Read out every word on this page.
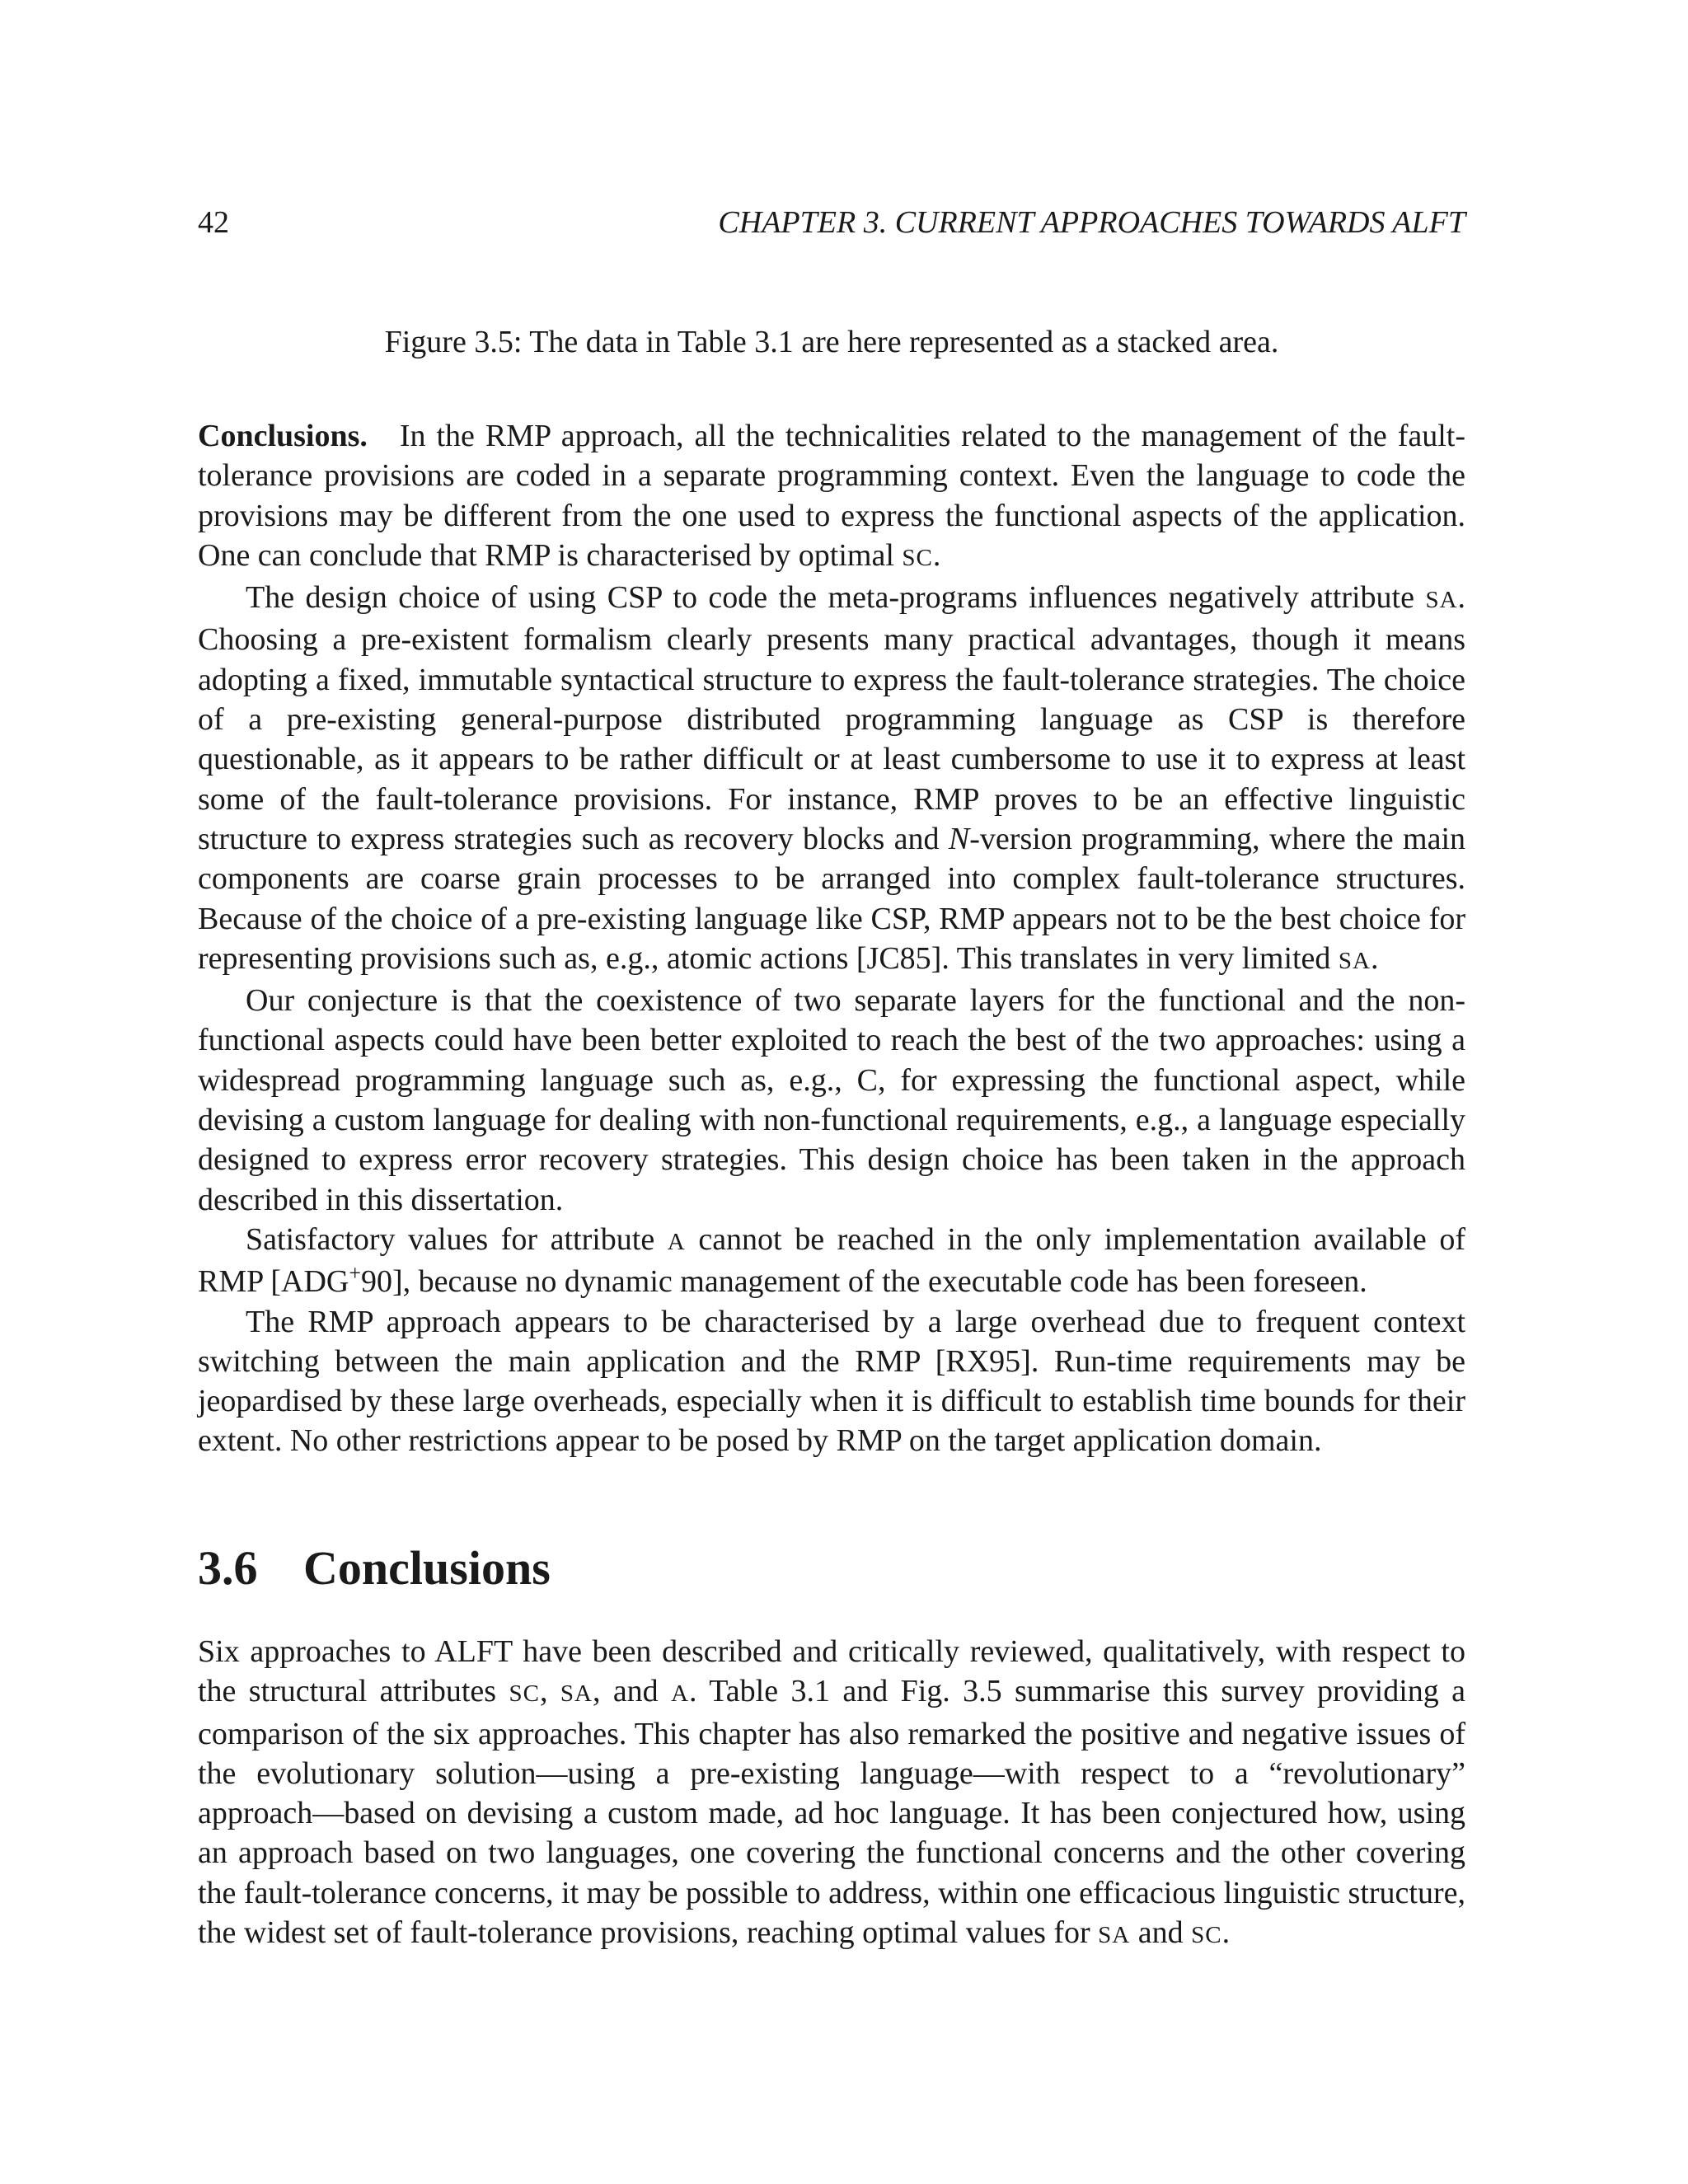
42	CHAPTER 3. CURRENT APPROACHES TOWARDS ALFT
Figure 3.5: The data in Table 3.1 are here represented as a stacked area.

Conclusions. In the RMP approach, all the technicalities related to the management of the fault-tolerance provisions are coded in a separate programming context. Even the language to code the provisions may be different from the one used to express the functional aspects of the application. One can conclude that RMP is characterised by optimal SC.

The design choice of using CSP to code the meta-programs influences negatively attribute SA. Choosing a pre-existent formalism clearly presents many practical advantages, though it means adopting a fixed, immutable syntactical structure to express the fault-tolerance strategies. The choice of a pre-existing general-purpose distributed programming language as CSP is therefore questionable, as it appears to be rather difficult or at least cumbersome to use it to express at least some of the fault-tolerance provisions. For instance, RMP proves to be an effective linguistic structure to express strategies such as recovery blocks and N-version programming, where the main components are coarse grain processes to be arranged into complex fault-tolerance structures. Because of the choice of a pre-existing language like CSP, RMP appears not to be the best choice for representing provisions such as, e.g., atomic actions [JC85]. This translates in very limited SA.

Our conjecture is that the coexistence of two separate layers for the functional and the nonfunctional aspects could have been better exploited to reach the best of the two approaches: using a widespread programming language such as, e.g., C, for expressing the functional aspect, while devising a custom language for dealing with non-functional requirements, e.g., a language especially designed to express error recovery strategies. This design choice has been taken in the approach described in this dissertation.

Satisfactory values for attribute A cannot be reached in the only implementation available of RMP [ADG+90], because no dynamic management of the executable code has been foreseen.

The RMP approach appears to be characterised by a large overhead due to frequent context switching between the main application and the RMP [RX95]. Run-time requirements may be jeopardised by these large overheads, especially when it is difficult to establish time bounds for their extent. No other restrictions appear to be posed by RMP on the target application domain.

3.6 Conclusions

Six approaches to ALFT have been described and critically reviewed, qualitatively, with respect to the structural attributes SC, SA, and A. Table 3.1 and Fig. 3.5 summarise this survey providing a comparison of the six approaches. This chapter has also remarked the positive and negative issues of the evolutionary solution—using a pre-existing language—with respect to a “revolutionary” approach—based on devising a custom made, ad hoc language. It has been conjectured how, using an approach based on two languages, one covering the functional concerns and the other covering the fault-tolerance concerns, it may be possible to address, within one efficacious linguistic structure, the widest set of fault-tolerance provisions, reaching optimal values for SA and SC.
